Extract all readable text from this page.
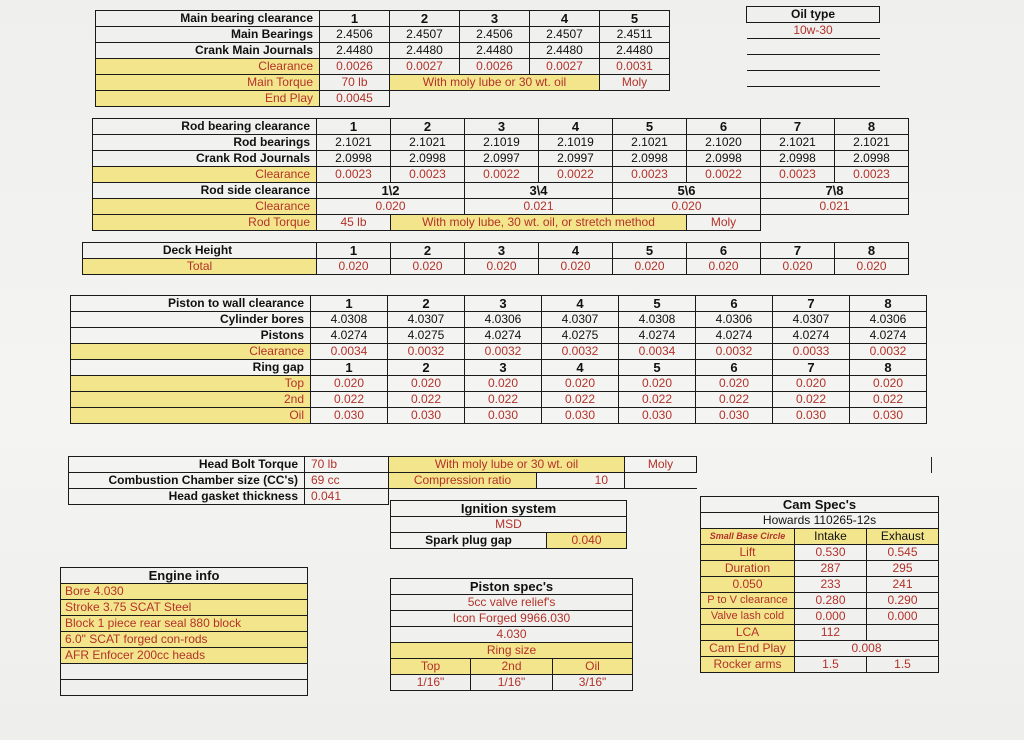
Main bearing clearance	1	2	3	4	5
Main Bearings	2.4506	2.4507	2.4506	2.4507	2.4511
Crank Main Journals	2.4480	2.4480	2.4480	2.4480	2.4480
Clearance	0.0026	0.0027	0.0026	0.0027	0.0031
Main Torque	70 lb	With moly lube or 30 wt. oil			Moly
End Play	0.0045				
Oil type
10w-30

Rod bearing clearance	1	2	3	4	5	6	7	8
Rod bearings	2.1021	2.1021	2.1019	2.1019	2.1021	2.1020	2.1021	2.1021
Crank Rod Journals	2.0998	2.0998	2.0997	2.0997	2.0998	2.0998	2.0998	2.0998
Clearance	0.0023	0.0023	0.0022	0.0022	0.0023	0.0022	0.0023	0.0023
Rod side clearance	1\2		3\4		5\6		7\8	
Clearance	0.020		0.021		0.020		0.021	
Rod Torque	45 lb	With moly lube, 30 wt. oil, or stretch method				Moly		
Deck Height	1	2	3	4	5	6	7	8
Total	0.020	0.020	0.020	0.020	0.020	0.020	0.020	0.020
Piston to wall clearance	1	2	3	4	5	6	7	8
Cylinder bores	4.0308	4.0307	4.0306	4.0307	4.0308	4.0306	4.0307	4.0306
Pistons	4.0274	4.0275	4.0274	4.0275	4.0274	4.0274	4.0274	4.0274
Clearance	0.0034	0.0032	0.0032	0.0032	0.0034	0.0032	0.0033	0.0032
Ring gap	1	2	3	4	5	6	7	8
Top	0.020	0.020	0.020	0.020	0.020	0.020	0.020	0.020
2nd	0.022	0.022	0.022	0.022	0.022	0.022	0.022	0.022
Oil	0.030	0.030	0.030	0.030	0.030	0.030	0.030	0.030
Head Bolt Torque	70 lb	With moly lube or 30 wt. oil		Moly
Combustion Chamber size (CC's)	69 cc	Compression ratio	10	
Head gasket thickness	0.041			
Ignition system
MSD
Spark plug gap	0.040
Engine info
Bore 4.030
Stroke 3.75 SCAT Steel
Block 1 piece rear seal 880 block
6.0" SCAT forged con-rods
AFR Enfocer 200cc heads

Piston spec's		
5cc valve relief's		
Icon Forged 9966.030		
4.030		
Ring size		
Top	2nd	Oil
1/16"	1/16"	3/16"
Cam Spec's		
Howards 110265-12s		
Small Base Circle	Intake	Exhaust
Lift	0.530	0.545
Duration	287	295
0.050	233	241
P to V clearance	0.280	0.290
Valve lash cold	0.000	0.000
LCA	112	
Cam End Play	0.008	
Rocker arms	1.5	1.5
